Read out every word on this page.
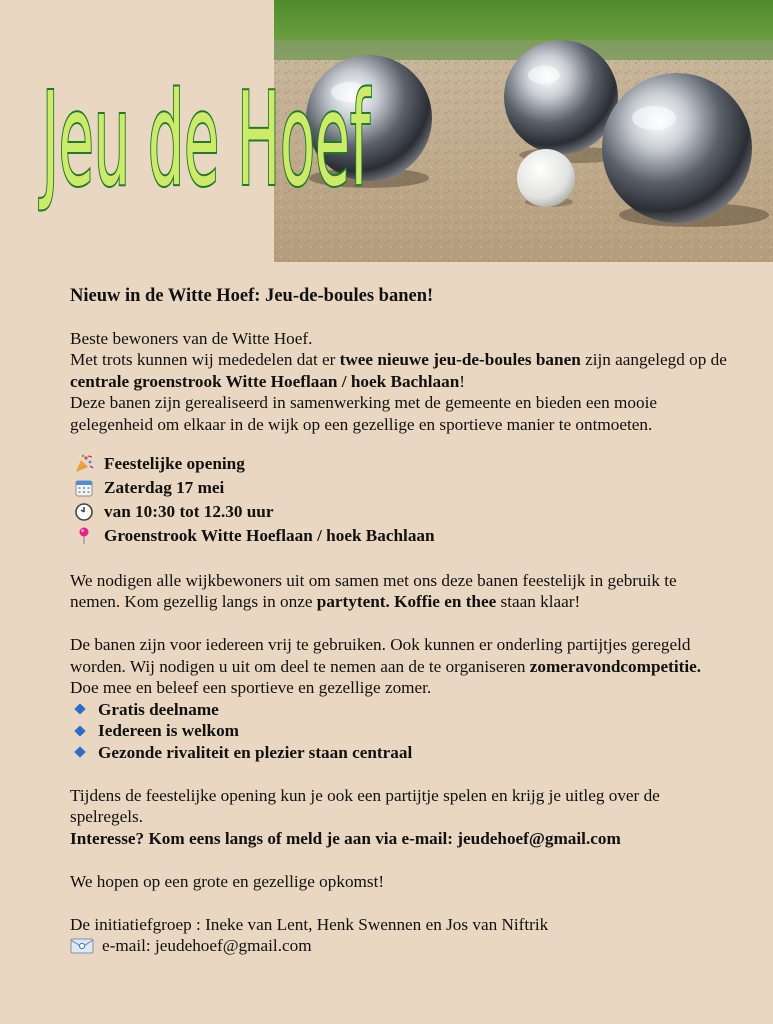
Jeu de Hoef

Nieuw in de Witte Hoef: Jeu-de-boules banen!

Beste bewoners van de Witte Hoef.

Met trots kunnen wij mededelen dat er twee nieuwe jeu-de-boules banen zijn aangelegd op de centrale groenstrook Witte Hoeflaan / hoek Bachlaan!

Deze banen zijn gerealiseerd in samenwerking met de gemeente en bieden een mooie gelegenheid om elkaar in de wijk op een gezellige en sportieve manier te ontmoeten.

Feestelijke opening
Zaterdag 17 mei
van 10:30 tot 12.30 uur
Groenstrook Witte Hoeflaan / hoek Bachlaan

We nodigen alle wijkbewoners uit om samen met ons deze banen feestelijk in gebruik te nemen. Kom gezellig langs in onze partytent. Koffie en thee staan klaar!

De banen zijn voor iedereen vrij te gebruiken. Ook kunnen er onderling partijtjes geregeld worden. Wij nodigen u uit om deel te nemen aan de te organiseren zomeravondcompetitie. Doe mee en beleef een sportieve en gezellige zomer.

Gratis deelname
Iedereen is welkom
Gezonde rivaliteit en plezier staan centraal

Tijdens de feestelijke opening kun je ook een partijtje spelen en krijg je uitleg over de spelregels.

Interesse? Kom eens langs of meld je aan via e-mail: jeudehoef@gmail.com

We hopen op een grote en gezellige opkomst!

De initiatiefgroep : Ineke van Lent, Henk Swennen en Jos van Niftrik

e-mail: jeudehoef@gmail.com
